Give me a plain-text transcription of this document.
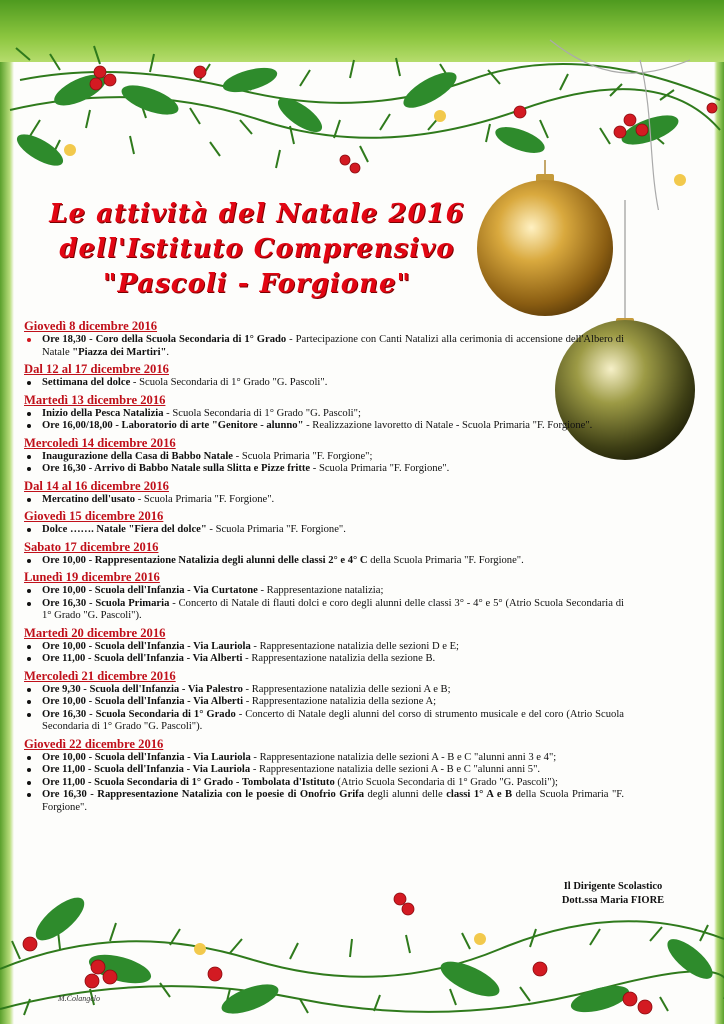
Le attività del Natale 2016
dell'Istituto Comprensivo
"Pascoli - Forgione"
Giovedì 8 dicembre 2016
Ore 18,30 - Coro della Scuola Secondaria di 1° Grado - Partecipazione con Canti Natalizi alla cerimonia di accensione dell'Albero di Natale "Piazza dei Martiri".
Dal 12 al 17 dicembre 2016
Settimana del dolce - Scuola Secondaria di 1° Grado "G. Pascoli".
Martedì 13 dicembre 2016
Inizio della Pesca Natalizia - Scuola Secondaria di 1° Grado "G. Pascoli";
Ore 16,00/18,00 - Laboratorio di arte "Genitore - alunno" - Realizzazione lavoretto di Natale - Scuola Primaria "F. Forgione".
Mercoledì 14 dicembre 2016
Inaugurazione della Casa di Babbo Natale - Scuola Primaria "F. Forgione";
Ore 16,30 - Arrivo di Babbo Natale sulla Slitta e Pizze fritte - Scuola Primaria "F. Forgione".
Dal 14 al 16 dicembre 2016
Mercatino dell'usato - Scuola Primaria "F. Forgione".
Giovedì 15 dicembre 2016
Dolce ……. Natale "Fiera del dolce" - Scuola Primaria "F. Forgione".
Sabato 17 dicembre 2016
Ore 10,00 - Rappresentazione Natalizia degli alunni delle classi 2° e 4° C della Scuola Primaria "F. Forgione".
Lunedì 19 dicembre 2016
Ore 10,00 - Scuola dell'Infanzia - Via Curtatone - Rappresentazione natalizia;
Ore 16,30 - Scuola Primaria - Concerto di Natale di flauti dolci e coro degli alunni delle classi 3° - 4° e 5° (Atrio Scuola Secondaria di 1° Grado "G. Pascoli").
Martedì 20 dicembre 2016
Ore 10,00 - Scuola dell'Infanzia - Via Lauriola - Rappresentazione natalizia delle sezioni D e E;
Ore 11,00 - Scuola dell'Infanzia - Via Alberti - Rappresentazione natalizia della sezione B.
Mercoledì 21 dicembre 2016
Ore 9,30 - Scuola dell'Infanzia - Via Palestro - Rappresentazione natalizia delle sezioni A e B;
Ore 10,00 - Scuola dell'Infanzia - Via Alberti - Rappresentazione natalizia della sezione A;
Ore 16,30 - Scuola Secondaria di 1° Grado - Concerto di Natale degli alunni del corso di strumento musicale e del coro (Atrio Scuola Secondaria di 1° Grado "G. Pascoli").
Giovedì 22 dicembre 2016
Ore 10,00 - Scuola dell'Infanzia - Via Lauriola - Rappresentazione natalizia delle sezioni A - B e C "alunni anni 3 e 4";
Ore 11,00 - Scuola dell'Infanzia - Via Lauriola - Rappresentazione natalizia delle sezioni A - B e C "alunni anni 5".
Ore 11,00 - Scuola Secondaria di 1° Grado - Tombolata d'Istituto (Atrio Scuola Secondaria di 1° Grado "G. Pascoli");
Ore 16,30 - Rappresentazione Natalizia con le poesie di Onofrio Grifa degli alunni delle classi 1° A e B della Scuola Primaria "F. Forgione".
Il Dirigente Scolastico
Dott.ssa Maria FIORE
M.Colangelo
